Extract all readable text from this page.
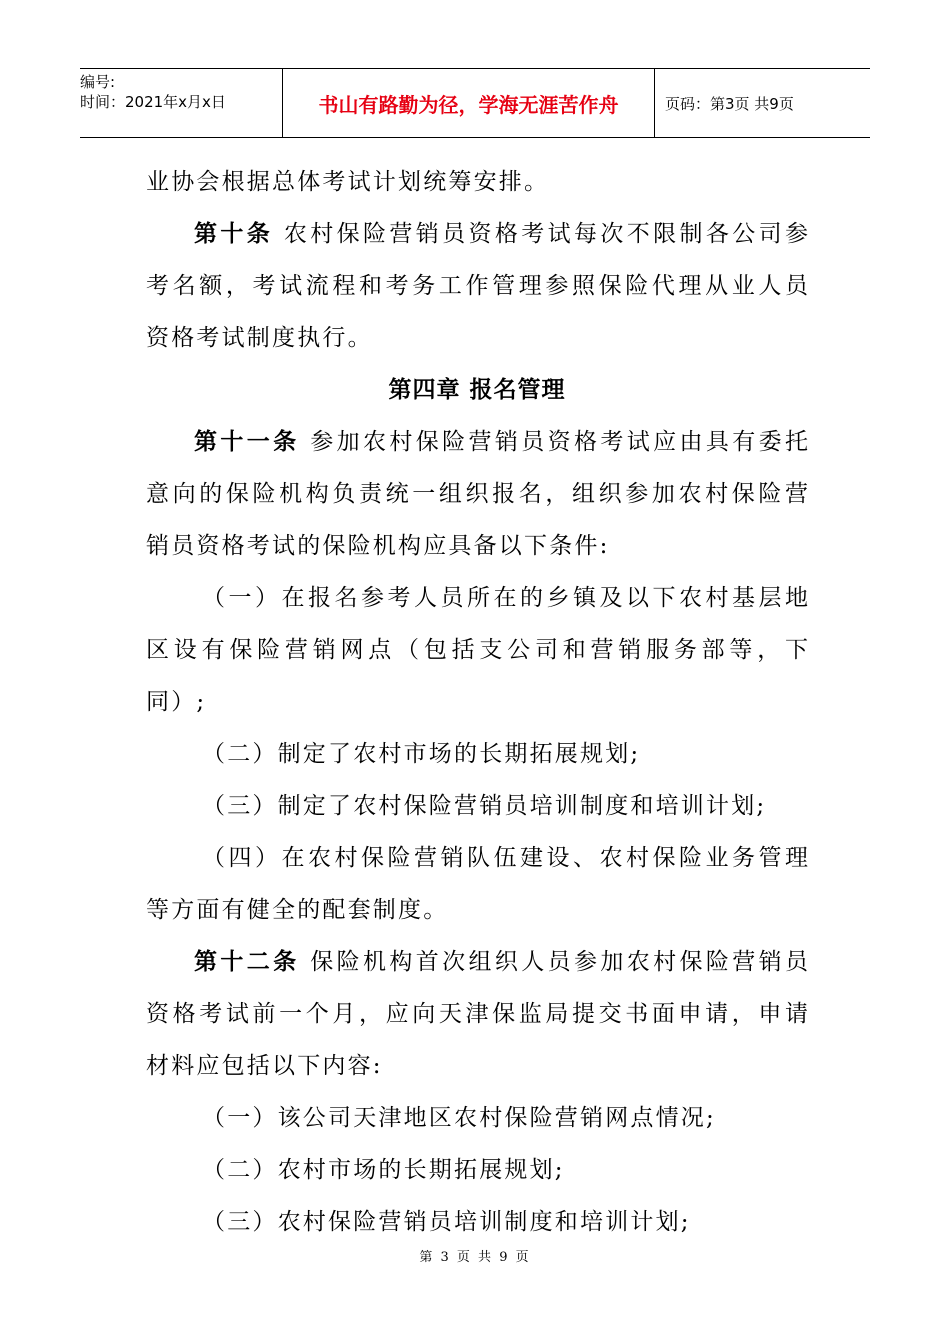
编号:
时间：2021年x月x日	书山有路勤为径，学海无涯苦作舟	页码：第3页 共9页
业协会根据总体考试计划统筹安排。
第十条 农村保险营销员资格考试每次不限制各公司参
考名额，考试流程和考务工作管理参照保险代理从业人员
资格考试制度执行。
第四章 报名管理
第十一条 参加农村保险营销员资格考试应由具有委托
意向的保险机构负责统一组织报名，组织参加农村保险营
销员资格考试的保险机构应具备以下条件:
（一）在报名参考人员所在的乡镇及以下农村基层地
区设有保险营销网点（包括支公司和营销服务部等，下
同）;
（二）制定了农村市场的长期拓展规划;
（三）制定了农村保险营销员培训制度和培训计划;
（四）在农村保险营销队伍建设、农村保险业务管理
等方面有健全的配套制度。
第十二条 保险机构首次组织人员参加农村保险营销员
资格考试前一个月，应向天津保监局提交书面申请，申请
材料应包括以下内容:
（一）该公司天津地区农村保险营销网点情况;
（二）农村市场的长期拓展规划;
（三）农村保险营销员培训制度和培训计划;
第 3 页 共 9 页
